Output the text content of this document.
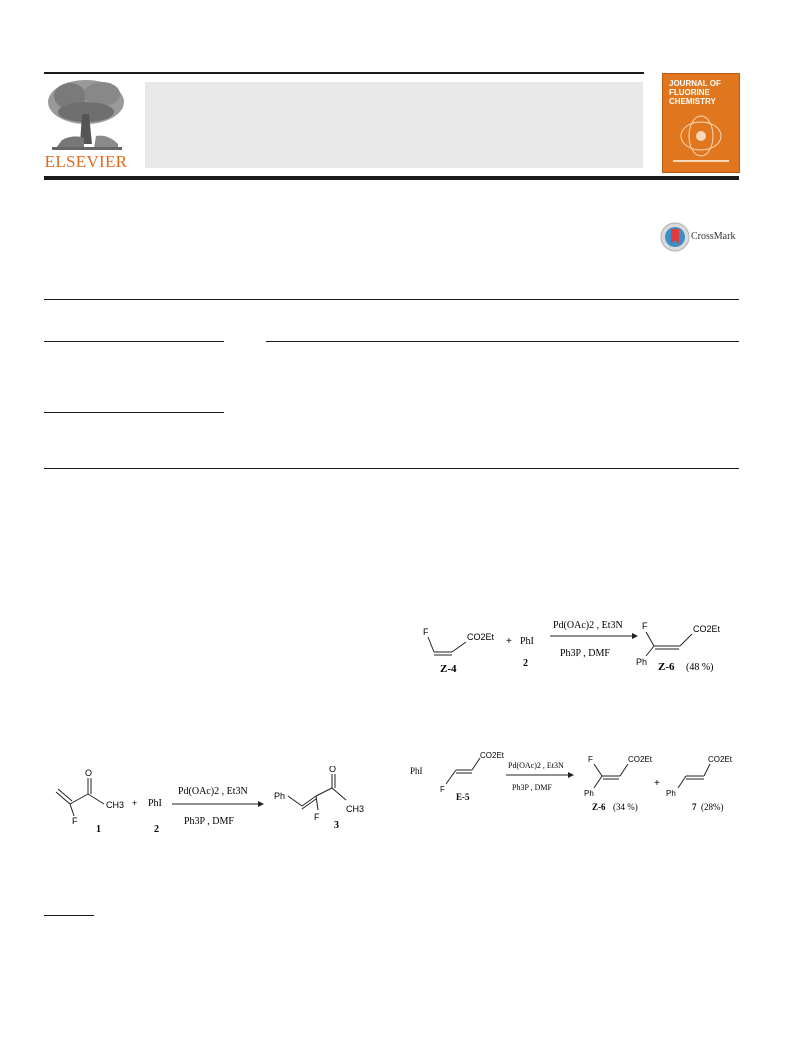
ELSEVIER
JOURNAL OF FLUORINE CHEMISTRY
CrossMark
F	CO2Et
Z-4
+ PhI
2
Pd(OAc)2 , Et3N
Ph3P , DMF
F
Ph
CO2Et
Z-6 (48 %)
PhI
F
CO2Et
E-5
Pd(OAc)2 , Et3N
Ph3P , DMF
F
Ph
CO2Et
Z-6 (34 %)
+
Ph
CO2Et
7 (28%)
O
F
CH3
1
+ PhI
2
Pd(OAc)2 , Et3N
Ph3P , DMF
Ph
O
F
CH3
3
